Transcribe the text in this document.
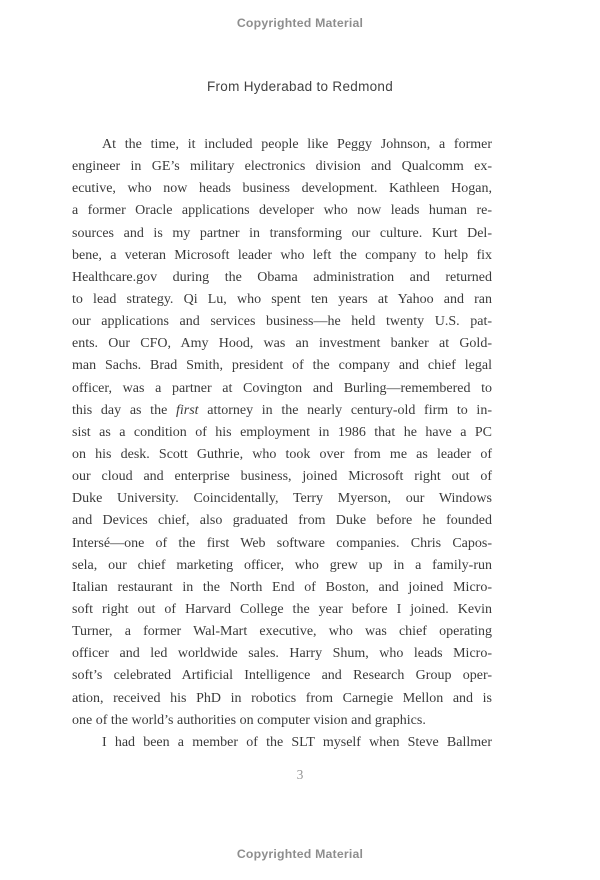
Copyrighted Material
From Hyderabad to Redmond
At the time, it included people like Peggy Johnson, a former
engineer in GE’s military electronics division and Qualcomm ex-
ecutive, who now heads business development. Kathleen Hogan,
a former Oracle applications developer who now leads human re-
sources and is my partner in transforming our culture. Kurt Del-
bene, a veteran Microsoft leader who left the company to help fix
Healthcare.gov during the Obama administration and returned
to lead strategy. Qi Lu, who spent ten years at Yahoo and ran
our applications and services business—he held twenty U.S. pat-
ents. Our CFO, Amy Hood, was an investment banker at Gold-
man Sachs. Brad Smith, president of the company and chief legal
officer, was a partner at Covington and Burling—remembered to
this day as the first attorney in the nearly century-old firm to in-
sist as a condition of his employment in 1986 that he have a PC
on his desk. Scott Guthrie, who took over from me as leader of
our cloud and enterprise business, joined Microsoft right out of
Duke University. Coincidentally, Terry Myerson, our Windows
and Devices chief, also graduated from Duke before he founded
Intersé—one of the first Web software companies. Chris Capos-
sela, our chief marketing officer, who grew up in a family-run
Italian restaurant in the North End of Boston, and joined Micro-
soft right out of Harvard College the year before I joined. Kevin
Turner, a former Wal-Mart executive, who was chief operating
officer and led worldwide sales. Harry Shum, who leads Micro-
soft’s celebrated Artificial Intelligence and Research Group oper-
ation, received his PhD in robotics from Carnegie Mellon and is
one of the world’s authorities on computer vision and graphics.
I had been a member of the SLT myself when Steve Ballmer
3
Copyrighted Material
